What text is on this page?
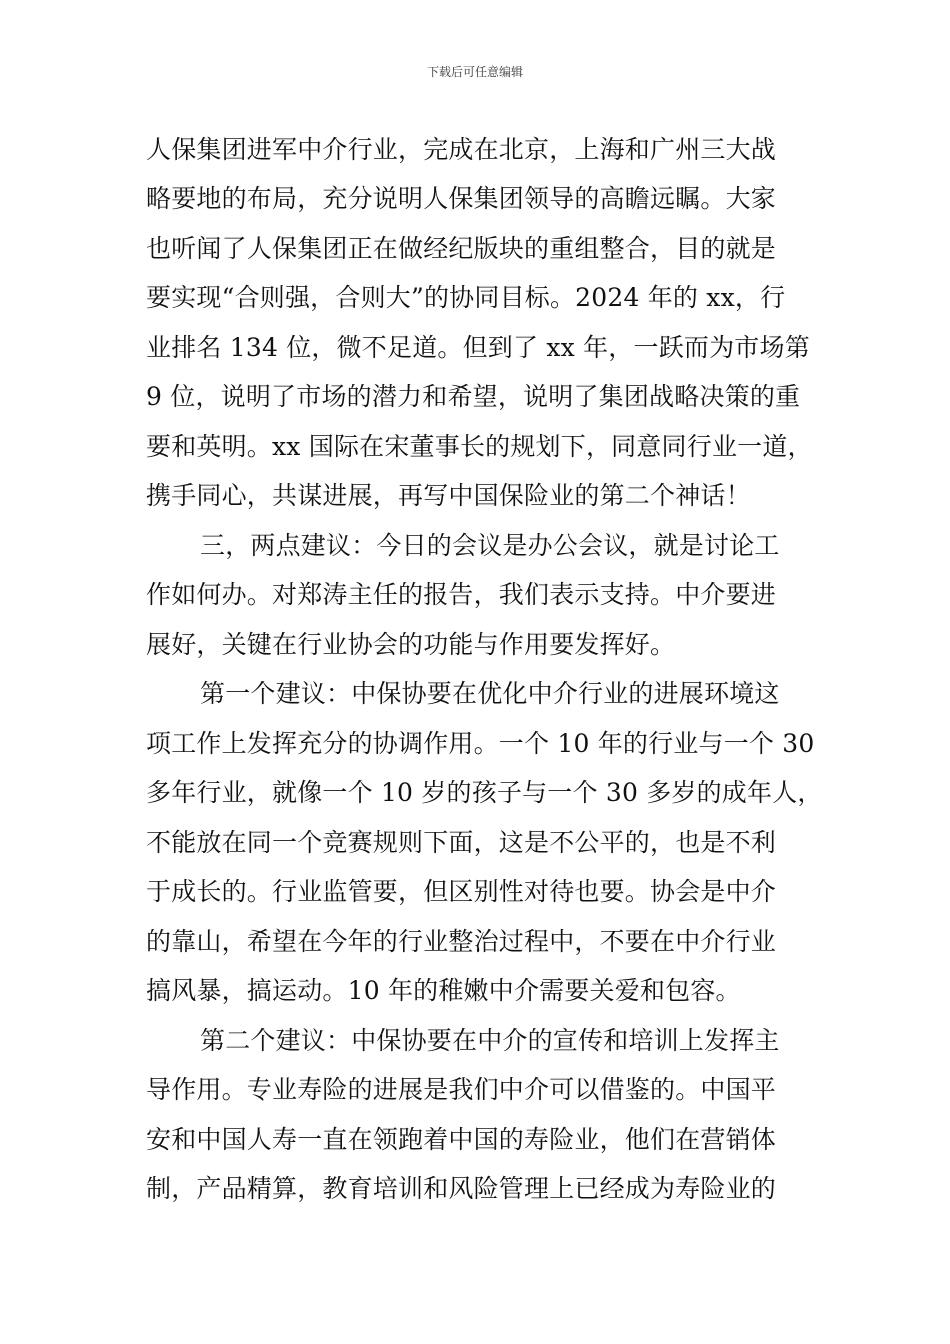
下载后可任意编辑
人保集团进军中介行业，完成在北京，上海和广州三大战
略要地的布局，充分说明人保集团领导的高瞻远瞩。大家
也听闻了人保集团正在做经纪版块的重组整合，目的就是
要实现“合则强，合则大”的协同目标。2024 年的 xx，行
业排名 134 位，微不足道。但到了 xx 年，一跃而为市场第
9 位，说明了市场的潜力和希望，说明了集团战略决策的重
要和英明。xx 国际在宋董事长的规划下，同意同行业一道，
携手同心，共谋进展，再写中国保险业的第二个神话！
三，两点建议：今日的会议是办公会议，就是讨论工
作如何办。对郑涛主任的报告，我们表示支持。中介要进
展好，关键在行业协会的功能与作用要发挥好。
第一个建议：中保协要在优化中介行业的进展环境这
项工作上发挥充分的协调作用。一个 10 年的行业与一个 30
多年行业，就像一个 10 岁的孩子与一个 30 多岁的成年人，
不能放在同一个竞赛规则下面，这是不公平的，也是不利
于成长的。行业监管要，但区别性对待也要。协会是中介
的靠山，希望在今年的行业整治过程中，不要在中介行业
搞风暴，搞运动。10 年的稚嫩中介需要关爱和包容。
第二个建议：中保协要在中介的宣传和培训上发挥主
导作用。专业寿险的进展是我们中介可以借鉴的。中国平
安和中国人寿一直在领跑着中国的寿险业，他们在营销体
制，产品精算，教育培训和风险管理上已经成为寿险业的
